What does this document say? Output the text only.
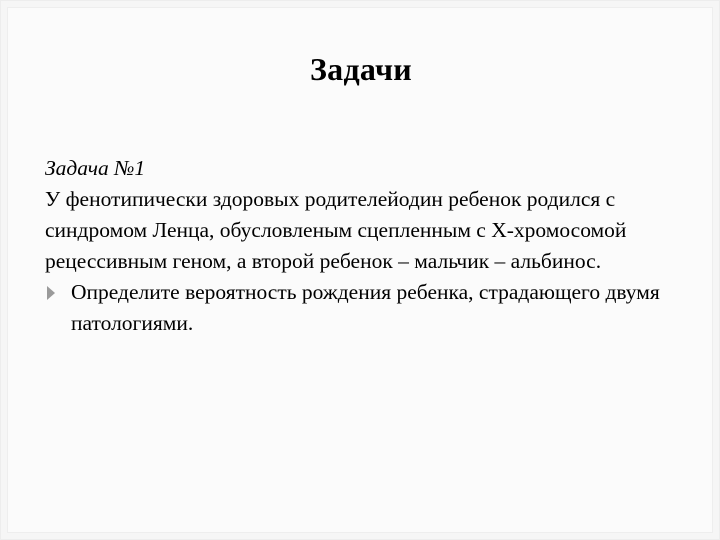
Задачи
Задача №1
У фенотипически здоровых родителейодин ребенок родился с синдромом Ленца, обусловленым сцепленным с X-хромосомой рецессивным геном, а второй ребенок – мальчик – альбинос.
Определите вероятность рождения ребенка, страдающего двумя патологиями.
